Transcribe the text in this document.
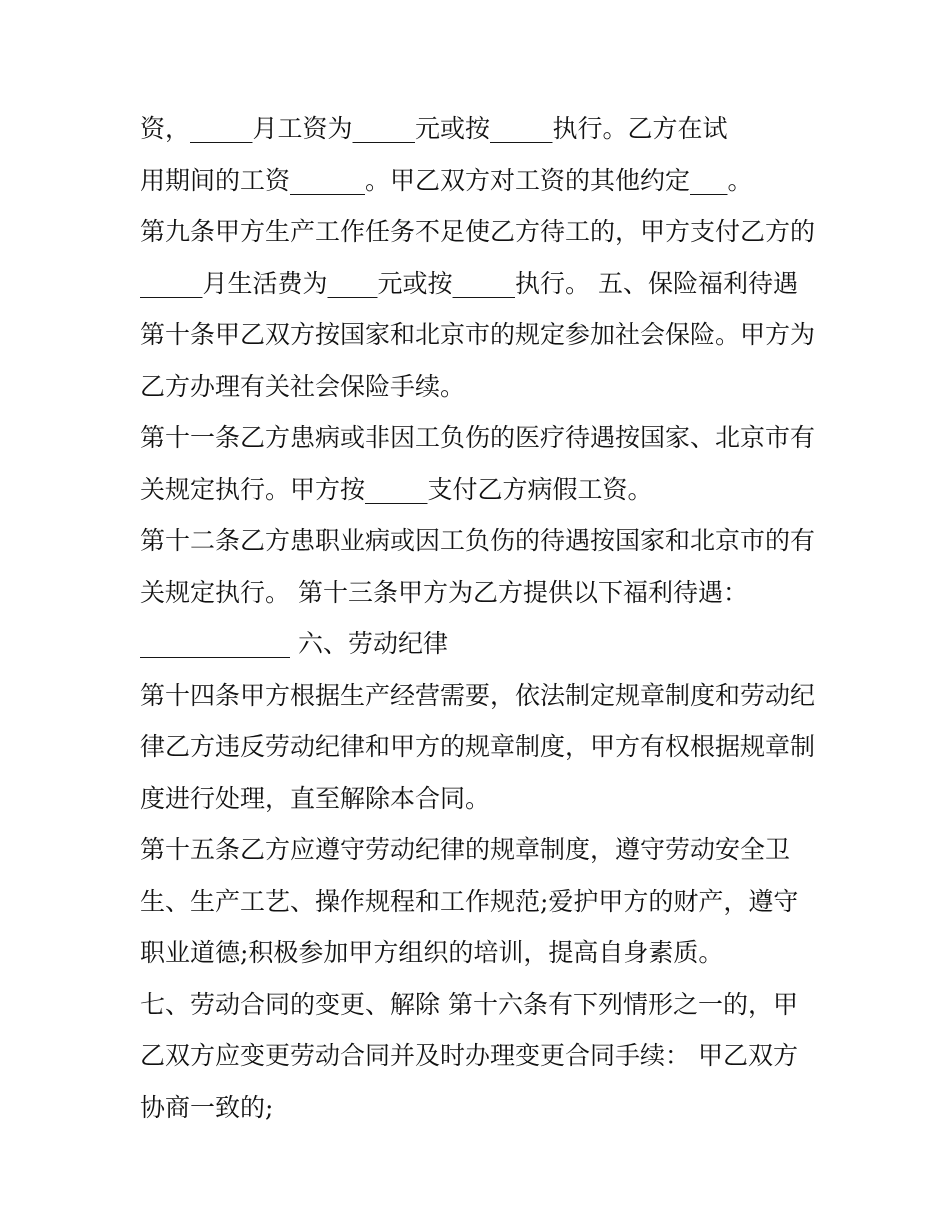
资，_____月工资为_____元或按_____执行。乙方在试
用期间的工资______。甲乙双方对工资的其他约定___。
第九条甲方生产工作任务不足使乙方待工的，甲方支付乙方的
_____月生活费为____元或按_____执行。 五、保险福利待遇
第十条甲乙双方按国家和北京市的规定参加社会保险。甲方为
乙方办理有关社会保险手续。
第十一条乙方患病或非因工负伤的医疗待遇按国家、北京市有
关规定执行。甲方按_____支付乙方病假工资。
第十二条乙方患职业病或因工负伤的待遇按国家和北京市的有
关规定执行。 第十三条甲方为乙方提供以下福利待遇：
____________ 六、劳动纪律
第十四条甲方根据生产经营需要，依法制定规章制度和劳动纪
律乙方违反劳动纪律和甲方的规章制度，甲方有权根据规章制
度进行处理，直至解除本合同。
第十五条乙方应遵守劳动纪律的规章制度，遵守劳动安全卫
生、生产工艺、操作规程和工作规范;爱护甲方的财产，遵守
职业道德;积极参加甲方组织的培训，提高自身素质。
七、劳动合同的变更、解除 第十六条有下列情形之一的，甲
乙双方应变更劳动合同并及时办理变更合同手续： 甲乙双方
协商一致的;
